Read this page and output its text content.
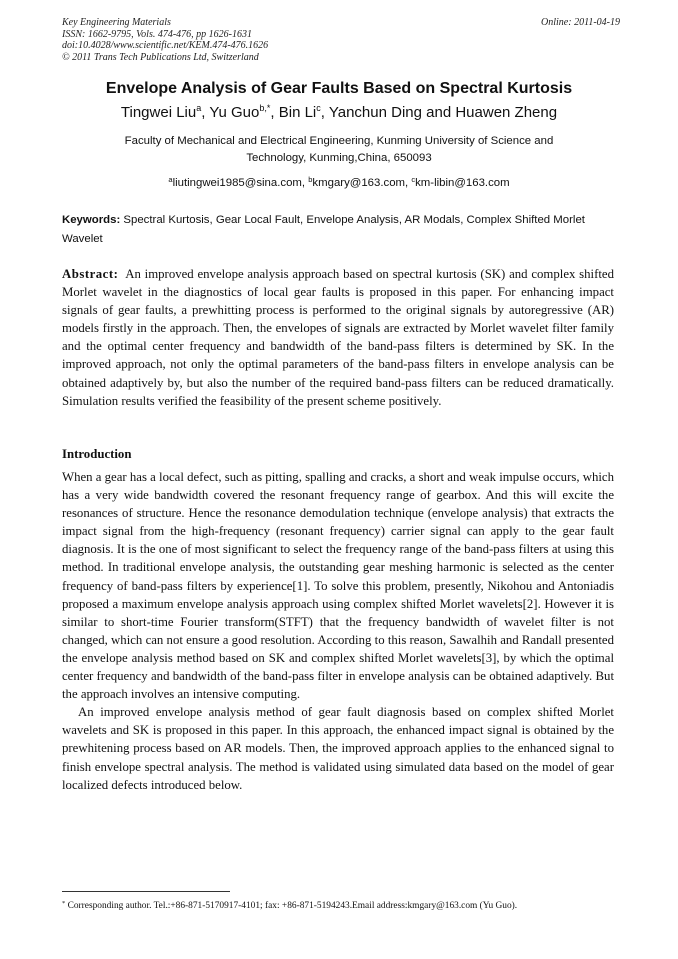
Key Engineering Materials
ISSN: 1662-9795, Vols. 474-476, pp 1626-1631
doi:10.4028/www.scientific.net/KEM.474-476.1626
© 2011 Trans Tech Publications Ltd, Switzerland
Online: 2011-04-19
Envelope Analysis of Gear Faults Based on Spectral Kurtosis
Tingwei Liu$^a$, Yu Guo$^{b,*}$, Bin Li$^c$, Yanchun Ding and Huawen Zheng
Faculty of Mechanical and Electrical Engineering, Kunming University of Science and
Technology, Kunming,China, 650093
$^a$liutingwei1985@sina.com, $^b$kmgary@163.com, $^c$km-libin@163.com
Keywords: Spectral Kurtosis, Gear Local Fault, Envelope Analysis, AR Modals, Complex Shifted Morlet Wavelet
Abstract: An improved envelope analysis approach based on spectral kurtosis (SK) and complex shifted Morlet wavelet in the diagnostics of local gear faults is proposed in this paper. For enhancing impact signals of gear faults, a prewhitting process is performed to the original signals by autoregressive (AR) models firstly in the approach. Then, the envelopes of signals are extracted by Morlet wavelet filter family and the optimal center frequency and bandwidth of the band-pass filters is determined by SK. In the improved approach, not only the optimal parameters of the band-pass filters in envelope analysis can be obtained adaptively by, but also the number of the required band-pass filters can be reduced dramatically. Simulation results verified the feasibility of the present scheme positively.
Introduction

When a gear has a local defect, such as pitting, spalling and cracks, a short and weak impulse occurs, which has a very wide bandwidth covered the resonant frequency range of gearbox. And this will excite the resonances of structure. Hence the resonance demodulation technique (envelope analysis) that extracts the impact signal from the high-frequency (resonant frequency) carrier signal can apply to the gear fault diagnosis. It is the one of most significant to select the frequency range of the band-pass filters at using this method. In traditional envelope analysis, the outstanding gear meshing harmonic is selected as the center frequency of band-pass filters by experience[1]. To solve this problem, presently, Nikohou and Antoniadis proposed a maximum envelope analysis approach using complex shifted Morlet wavelets[2]. However it is similar to short-time Fourier transform(STFT) that the frequency bandwidth of wavelet filter is not changed, which can not ensure a good resolution. According to this reason, Sawalhih and Randall presented the envelope analysis method based on SK and complex shifted Morlet wavelets[3], by which the optimal center frequency and bandwidth of the band-pass filter in envelope analysis can be obtained adaptively. But the approach involves an intensive computing.

An improved envelope analysis method of gear fault diagnosis based on complex shifted Morlet wavelets and SK is proposed in this paper. In this approach, the enhanced impact signal is obtained by the prewhitening process based on AR models. Then, the improved approach applies to the enhanced signal to finish envelope spectral analysis. The method is validated using simulated data based on the model of gear localized defects introduced below.

* Corresponding author. Tel.:+86-871-5170917-4101; fax: +86-871-5194243.Email address:kmgary@163.com (Yu Guo).
